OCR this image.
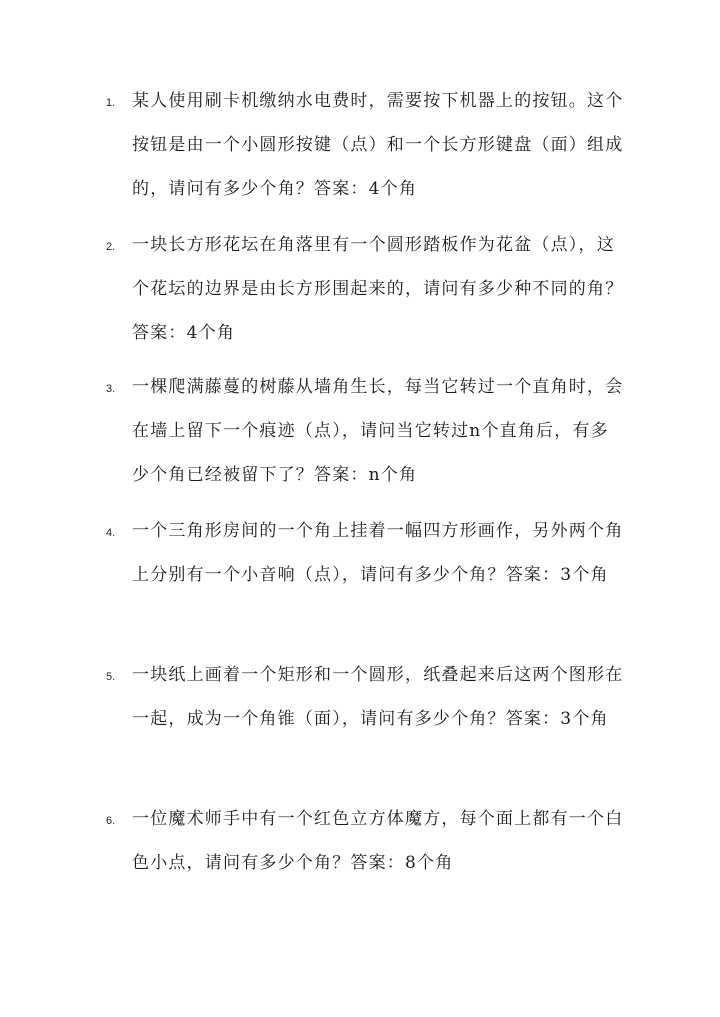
1. 某人使用刷卡机缴纳水电费时，需要按下机器上的按钮。这个按钮是由一个小圆形按键（点）和一个长方形键盘（面）组成的，请问有多少个角？答案：4个角
2. 一块长方形花坛在角落里有一个圆形踏板作为花盆（点），这个花坛的边界是由长方形围起来的，请问有多少种不同的角？答案：4个角
3. 一棵爬满藤蔓的树藤从墙角生长，每当它转过一个直角时，会在墙上留下一个痕迹（点），请问当它转过n个直角后，有多少个角已经被留下了？答案：n个角
4. 一个三角形房间的一个角上挂着一幅四方形画作，另外两个角上分别有一个小音响（点），请问有多少个角？答案：3个角
5. 一块纸上画着一个矩形和一个圆形，纸叠起来后这两个图形在一起，成为一个角锥（面），请问有多少个角？答案：3个角
6. 一位魔术师手中有一个红色立方体魔方，每个面上都有一个白色小点，请问有多少个角？答案：8个角
